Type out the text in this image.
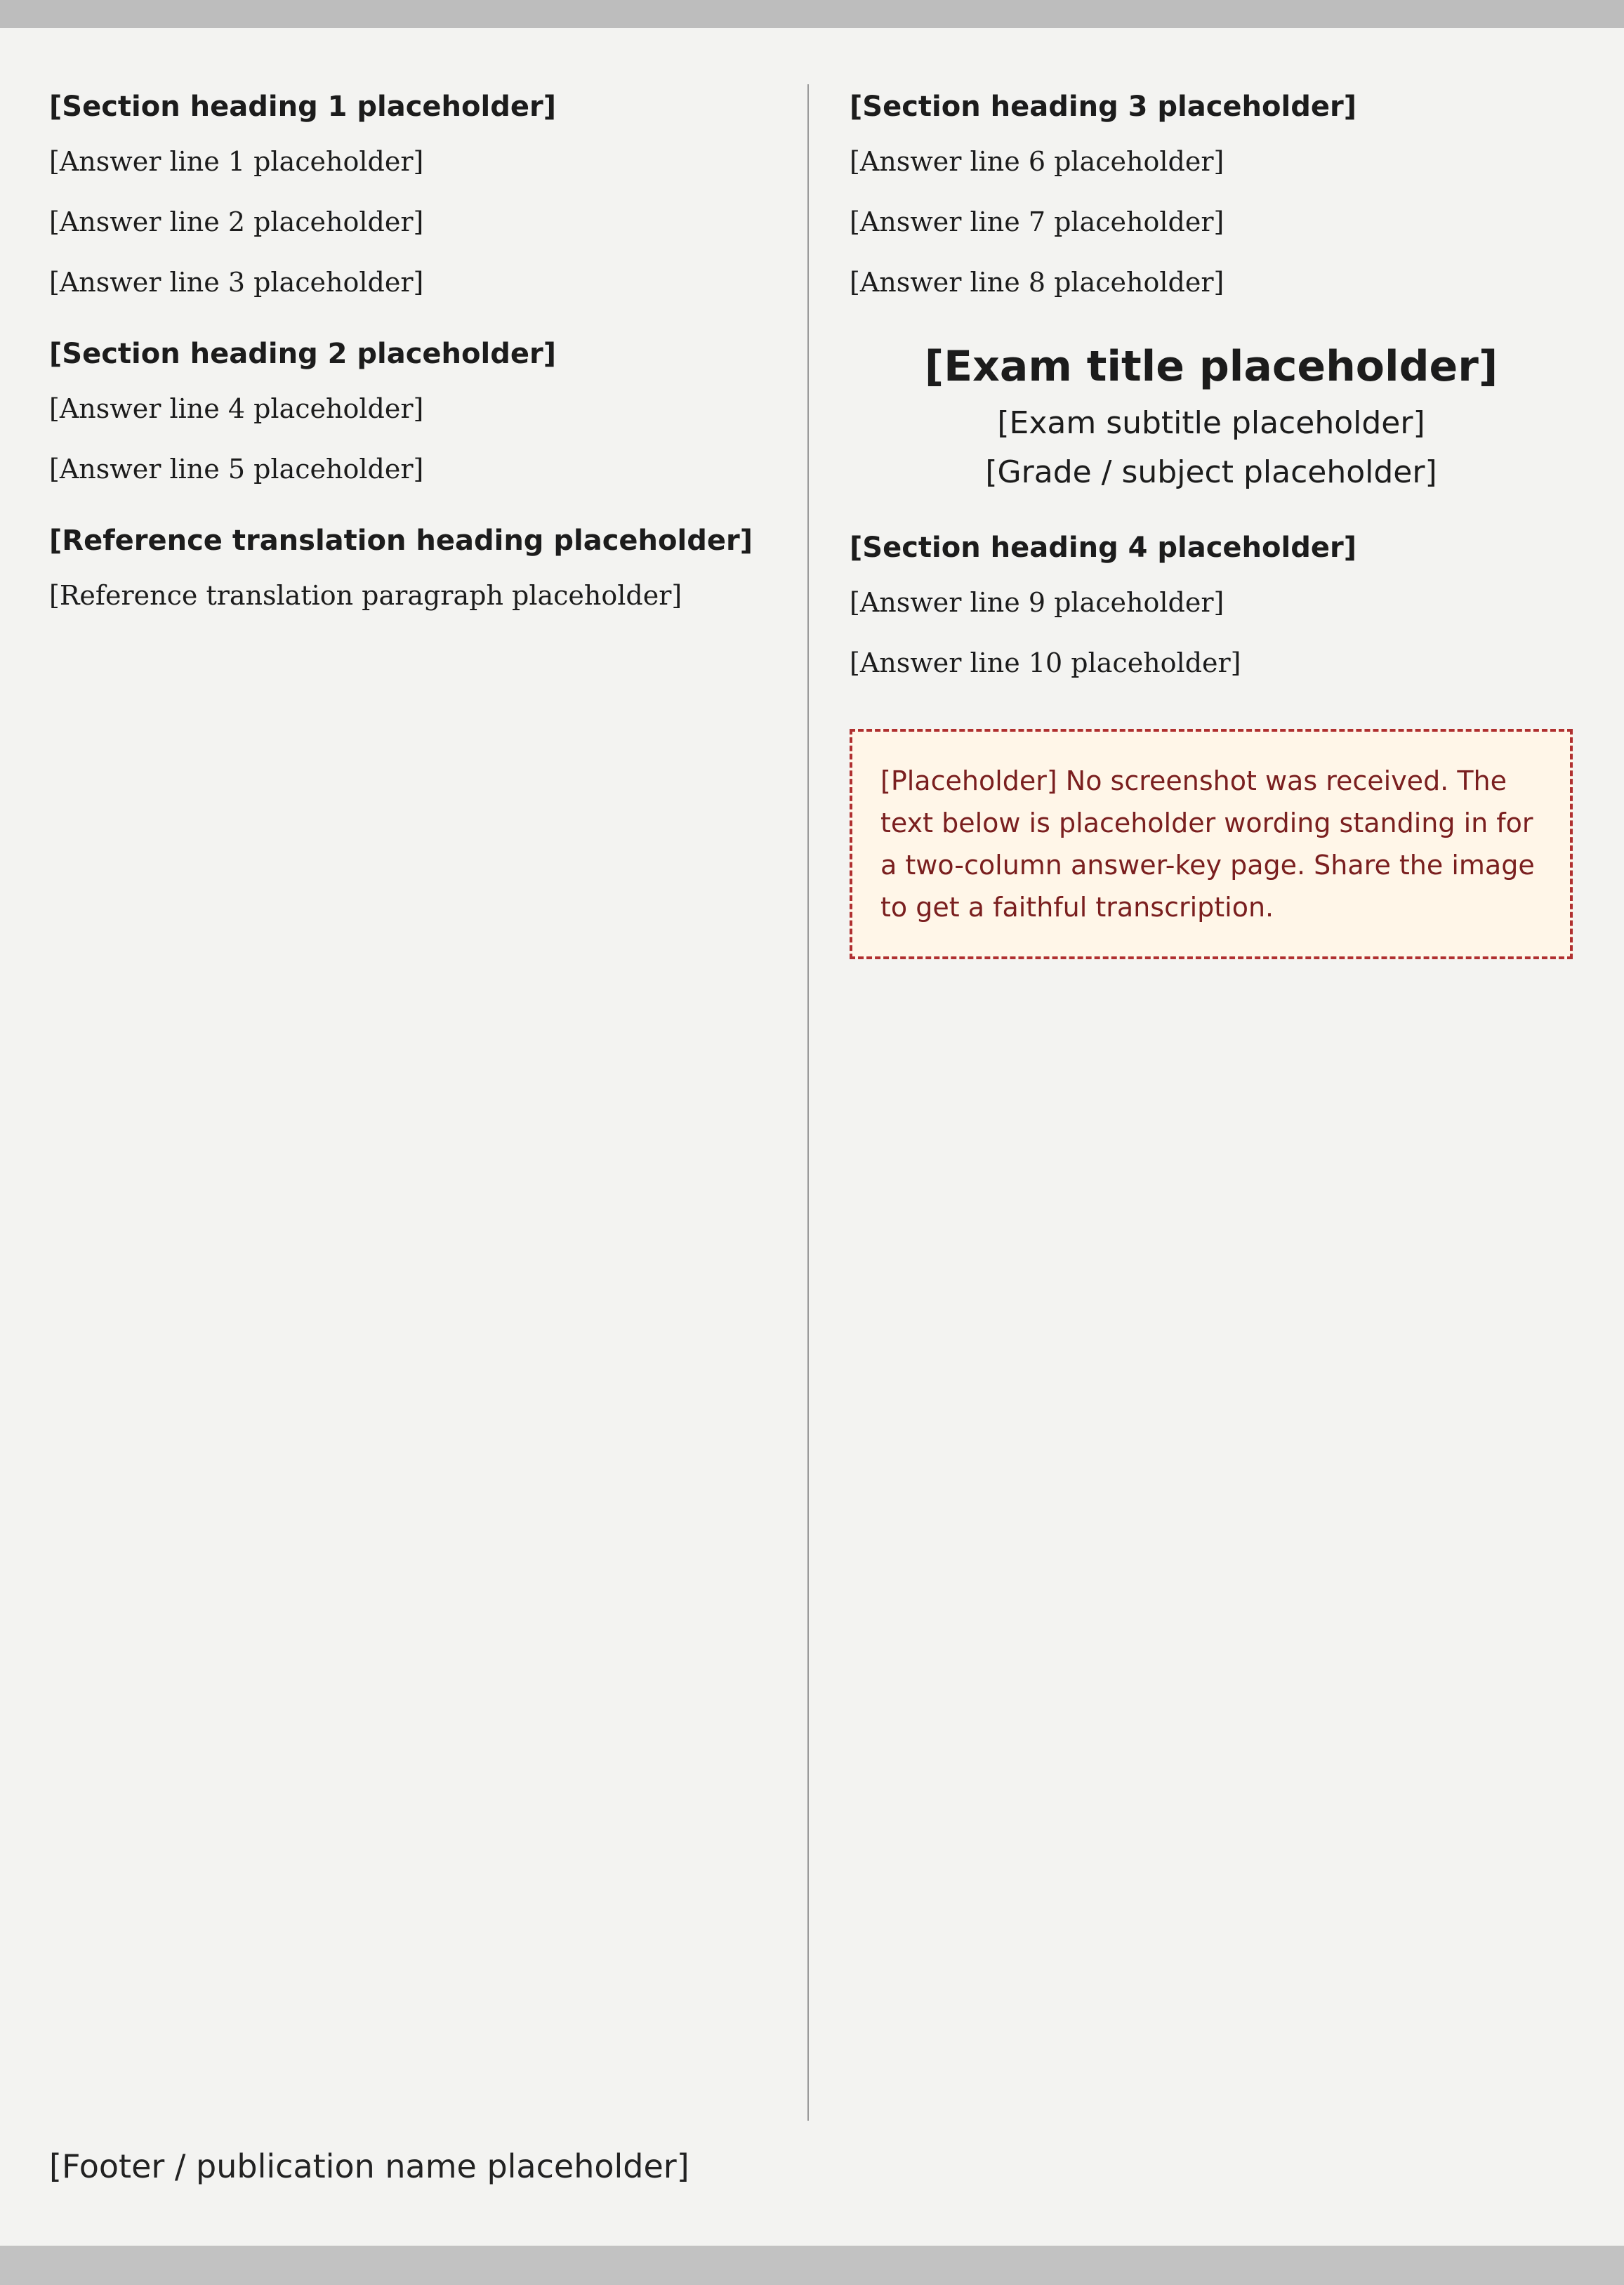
[Section heading 1 placeholder]
[Answer line 1 placeholder]
[Answer line 2 placeholder]
[Answer line 3 placeholder]
[Section heading 2 placeholder]
[Answer line 4 placeholder]
[Answer line 5 placeholder]
[Reference translation heading placeholder]
[Reference translation paragraph placeholder]
[Section heading 3 placeholder]
[Answer line 6 placeholder]
[Answer line 7 placeholder]
[Answer line 8 placeholder]
[Exam title placeholder]
[Exam subtitle placeholder]
[Grade / subject placeholder]
[Section heading 4 placeholder]
[Answer line 9 placeholder]
[Answer line 10 placeholder]
[Placeholder] No screenshot was received. The text below is placeholder wording standing in for a two-column answer-key page. Share the image to get a faithful transcription.
[Footer / publication name placeholder]
